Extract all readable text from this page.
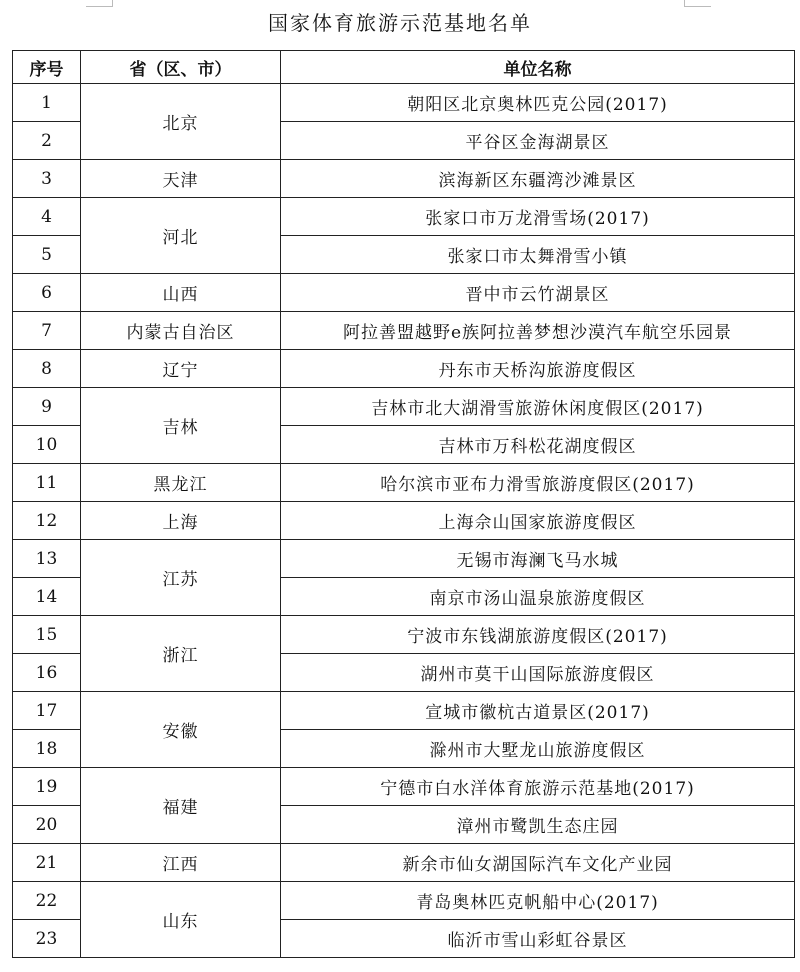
国家体育旅游示范基地名单
序号	省（区、市）	单位名称
1	北京	朝阳区北京奥林匹克公园(2017)
2		平谷区金海湖景区
3	天津	滨海新区东疆湾沙滩景区
4	河北	张家口市万龙滑雪场(2017)
5		张家口市太舞滑雪小镇
6	山西	晋中市云竹湖景区
7	内蒙古自治区	阿拉善盟越野e族阿拉善梦想沙漠汽车航空乐园景
8	辽宁	丹东市天桥沟旅游度假区
9	吉林	吉林市北大湖滑雪旅游休闲度假区(2017)
10		吉林市万科松花湖度假区
11	黑龙江	哈尔滨市亚布力滑雪旅游度假区(2017)
12	上海	上海佘山国家旅游度假区
13	江苏	无锡市海澜飞马水城
14		南京市汤山温泉旅游度假区
15	浙江	宁波市东钱湖旅游度假区(2017)
16		湖州市莫干山国际旅游度假区
17	安徽	宣城市徽杭古道景区(2017)
18		滁州市大墅龙山旅游度假区
19	福建	宁德市白水洋体育旅游示范基地(2017)
20		漳州市鹭凯生态庄园
21	江西	新余市仙女湖国际汽车文化产业园
22	山东	青岛奥林匹克帆船中心(2017)
23		临沂市雪山彩虹谷景区
